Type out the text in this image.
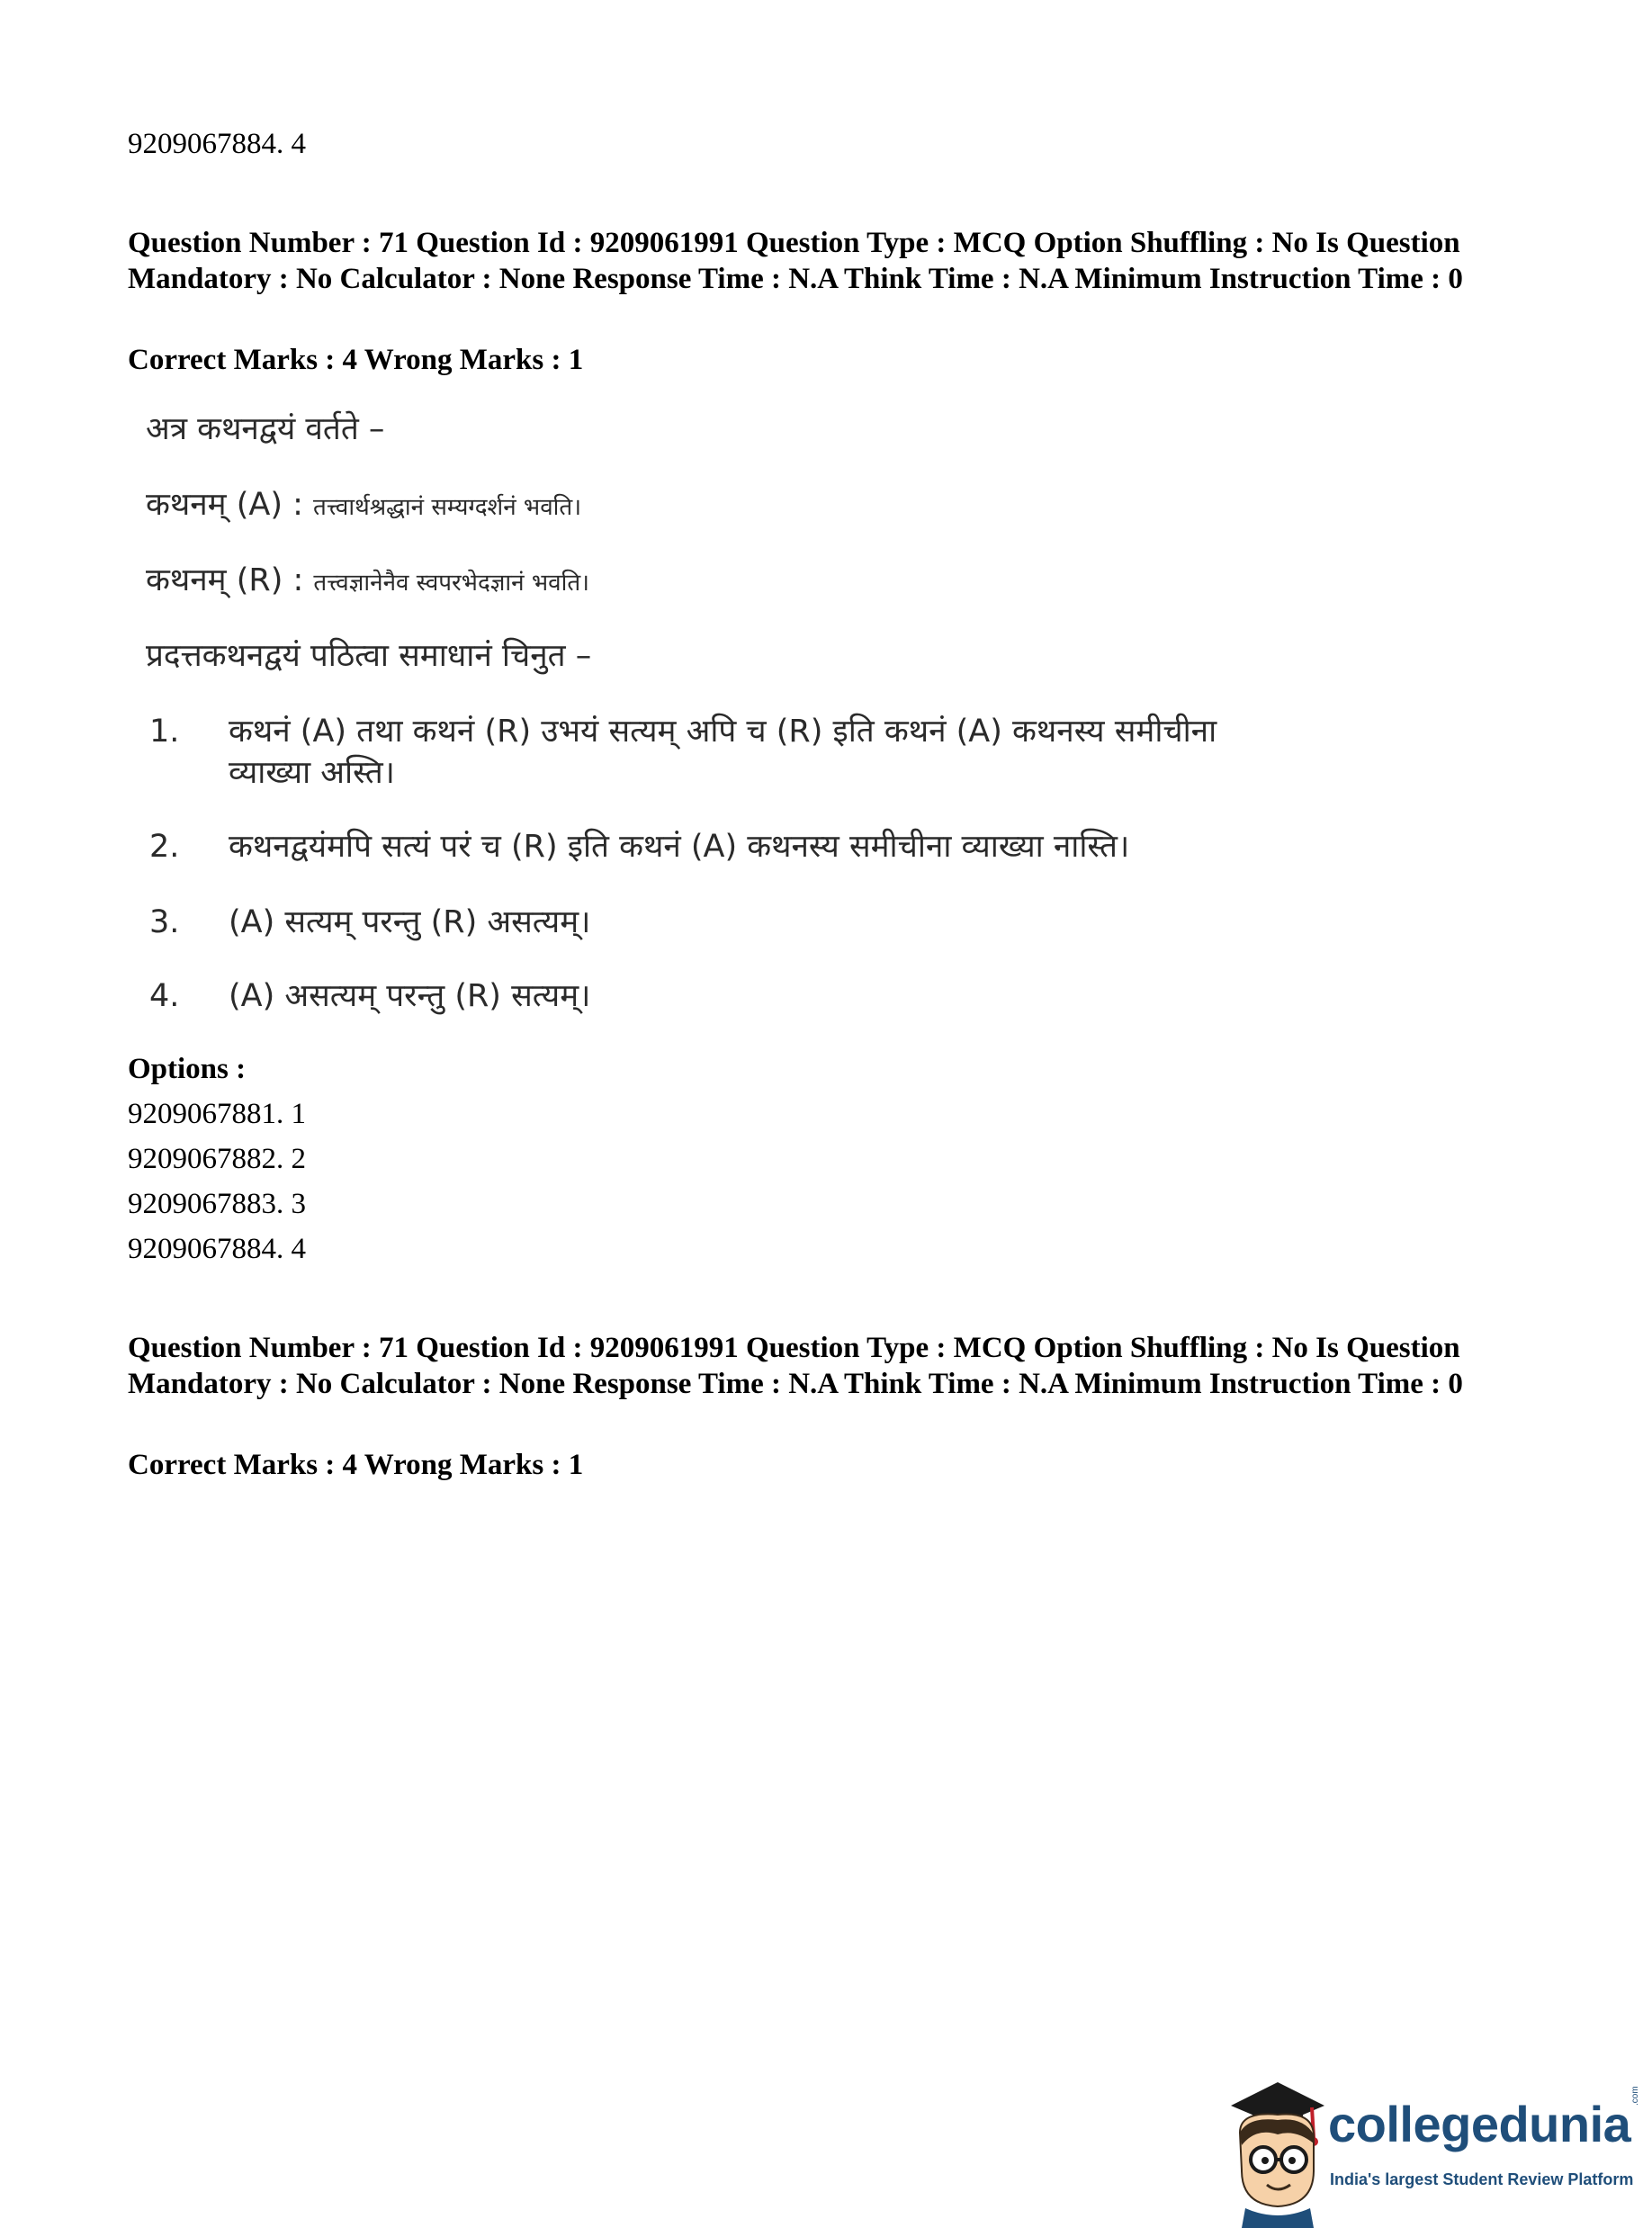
9209067884. 4
Question Number : 71 Question Id : 9209061991 Question Type : MCQ Option Shuffling : No Is Question Mandatory : No Calculator : None Response Time : N.A Think Time : N.A Minimum Instruction Time : 0
Correct Marks : 4 Wrong Marks : 1
अत्र कथनद्वयं वर्तते –
कथनम् (A) : तत्त्वार्थश्रद्धानं सम्यग्दर्शनं भवति।
कथनम् (R) : तत्त्वज्ञानेनैव स्वपरभेदज्ञानं भवति।
प्रदत्तकथनद्वयं पठित्वा समाधानं चिनुत –
1. कथनं (A) तथा कथनं (R) उभयं सत्यम् अपि च (R) इति कथनं (A) कथनस्य समीचीना व्याख्या अस्ति।
2. कथनद्वयंमपि सत्यं परं च (R) इति कथनं (A) कथनस्य समीचीना व्याख्या नास्ति।
3. (A) सत्यम् परन्तु (R) असत्यम्।
4. (A) असत्यम् परन्तु (R) सत्यम्।
Options :
9209067881. 1
9209067882. 2
9209067883. 3
9209067884. 4
Question Number : 71 Question Id : 9209061991 Question Type : MCQ Option Shuffling : No Is Question Mandatory : No Calculator : None Response Time : N.A Think Time : N.A Minimum Instruction Time : 0
Correct Marks : 4 Wrong Marks : 1
collegedunia .com
India's largest Student Review Platform
